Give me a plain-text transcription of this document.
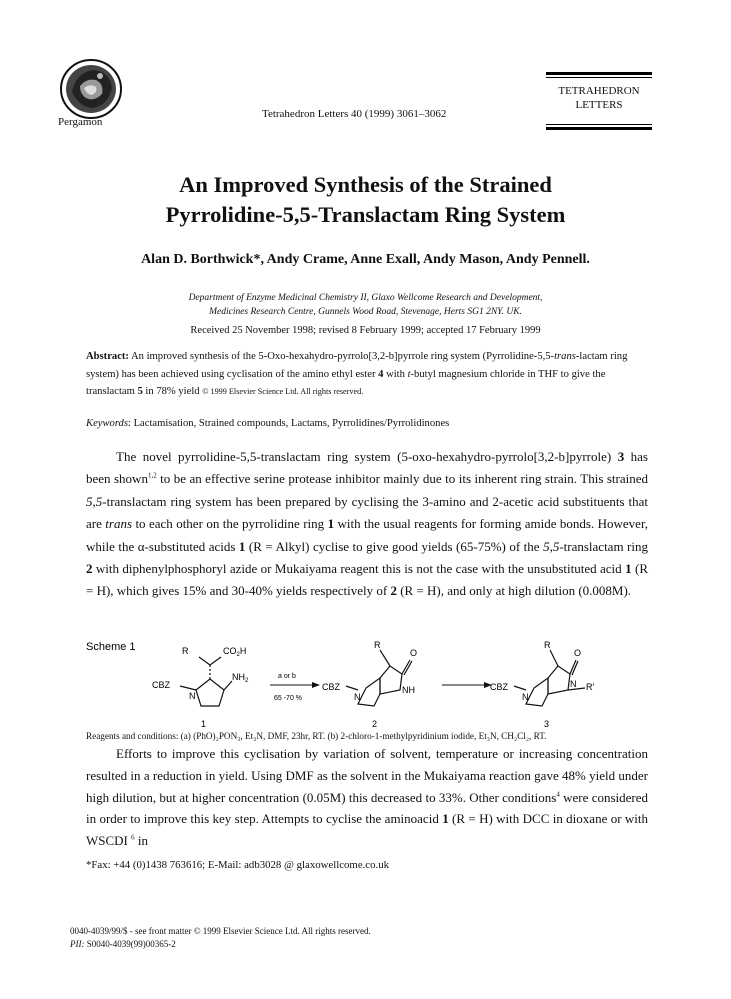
Pergamon
Tetrahedron Letters 40 (1999) 3061–3062
TETRAHEDRON
LETTERS
An Improved Synthesis of the Strained
Pyrrolidine-5,5-Translactam Ring System
Alan D. Borthwick*, Andy Crame, Anne Exall, Andy Mason, Andy Pennell.
Department of Enzyme Medicinal Chemistry II, Glaxo Wellcome Research and Development,
Medicines Research Centre, Gunnels Wood Road, Stevenage, Herts SG1 2NY. UK.
Received 25 November 1998; revised 8 February 1999; accepted 17 February 1999
Abstract: An improved synthesis of the 5-Oxo-hexahydro-pyrrolo[3,2-b]pyrrole ring system (Pyrrolidine-5,5-trans-lactam ring system) has been achieved using cyclisation of the amino ethyl ester 4 with t-butyl magnesium chloride in THF to give the translactam 5 in 78% yield © 1999 Elsevier Science Ltd. All rights reserved.
Keywords: Lactamisation, Strained compounds, Lactams, Pyrrolidines/Pyrrolidinones

The novel pyrrolidine-5,5-translactam ring system (5-oxo-hexahydro-pyrrolo[3,2-b]pyrrole) 3 has been shown$^{1,2}$ to be an effective serine protease inhibitor mainly due to its inherent ring strain. This strained 5,5-translactam ring system has been prepared by cyclising the 3-amino and 2-acetic acid substituents that are trans to each other on the pyrrolidine ring 1 with the usual reagents for forming amide bonds. However, while the α-substituted acids 1 (R = Alkyl) cyclise to give good yields (65-75%) of the 5,5-translactam ring 2 with diphenylphosphoryl azide or Mukaiyama reagent this is not the case with the unsubstituted acid 1 (R = H), which gives 15% and 30-40% yields respectively of 2 (R = H), and only at high dilution (0.008M).

Scheme 1	R	$CO_2H$
$NH_2$
CBZ
N
1
a or b
65 -70 %
R
O
NH
CBZ
N
2
R
O
N R'
CBZ
N
3
Reagents and conditions: (a) (PhO)₂PON₃, Et₃N, DMF, 23hr, RT. (b) 2-chloro-1-methylpyridinium iodide, Et₃N, CH₂Cl₂, RT.

Efforts to improve this cyclisation by variation of solvent, temperature or increasing concentration resulted in a reduction in yield. Using DMF as the solvent in the Mukaiyama reaction gave 48% yield under high dilution, but at higher concentration (0.05M) this decreased to 33%. Other conditions$^4$ were considered in order to improve this key step. Attempts to cyclise the aminoacid 1 (R = H) with DCC in dioxane or with WSCDI $^6$ in

*Fax: +44 (0)1438 763616; E-Mail: adb3028 @ glaxowellcome.co.uk
0040-4039/99/$ - see front matter © 1999 Elsevier Science Ltd. All rights reserved.
PII: S0040-4039(99)00365-2
